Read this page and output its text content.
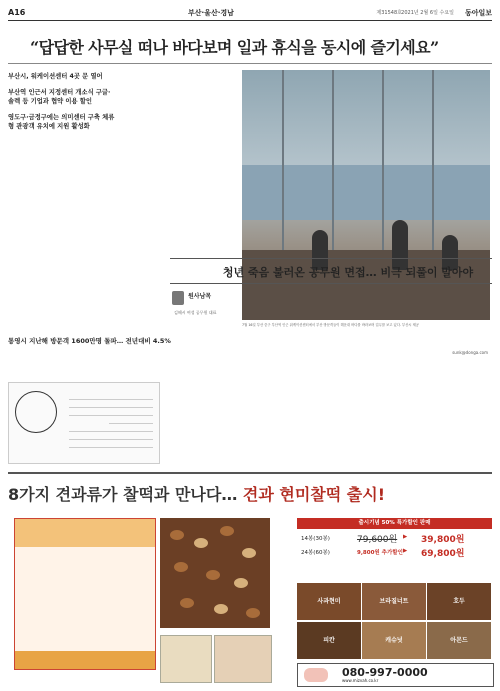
A16	부산·울산·경남	제31548호 2021년 2월 6일 수요일 동아일보
“답답한 사무실 떠나 바다보며 일과 휴식을 동시에 즐기세요”

부산시, 워케이션센터 4곳 문 열어

부산역 인근서 지정센터 개소식 구글·솔렉 등 기업과 협약 이용 할인

영도구·금정구에는 의미센터 구축 체류형 관광객 유치에 지원 활성화

7월 16일 부산 중구 부산역 인근 워케이션센터에서 부산 방문객들이 해운대 바다를 바라보며 업무를 보고 있다. 부산시 제공
청년 죽음 불러온 공무원 면접… 비극 되풀이 말아야
원사남목
김해시 여성 공무원 대표
sunk@donga.com
통영시 지난해 방문객 1600만명 돌파… 전년대비 4.5%
8가지 견과류가 찰떡과 만나다… 견과 현미찰떡 출시!
출시기념 50% 특가할인 판매
14봉(30봉)	79,600원 ▶ 39,800원
24봉(60봉)	9,800원 추가할인 ▶ 69,800원
사과현미	브라질너트	호두
피칸	캐슈넛	아몬드
080-997-0000
www.mizvah.co.kr
